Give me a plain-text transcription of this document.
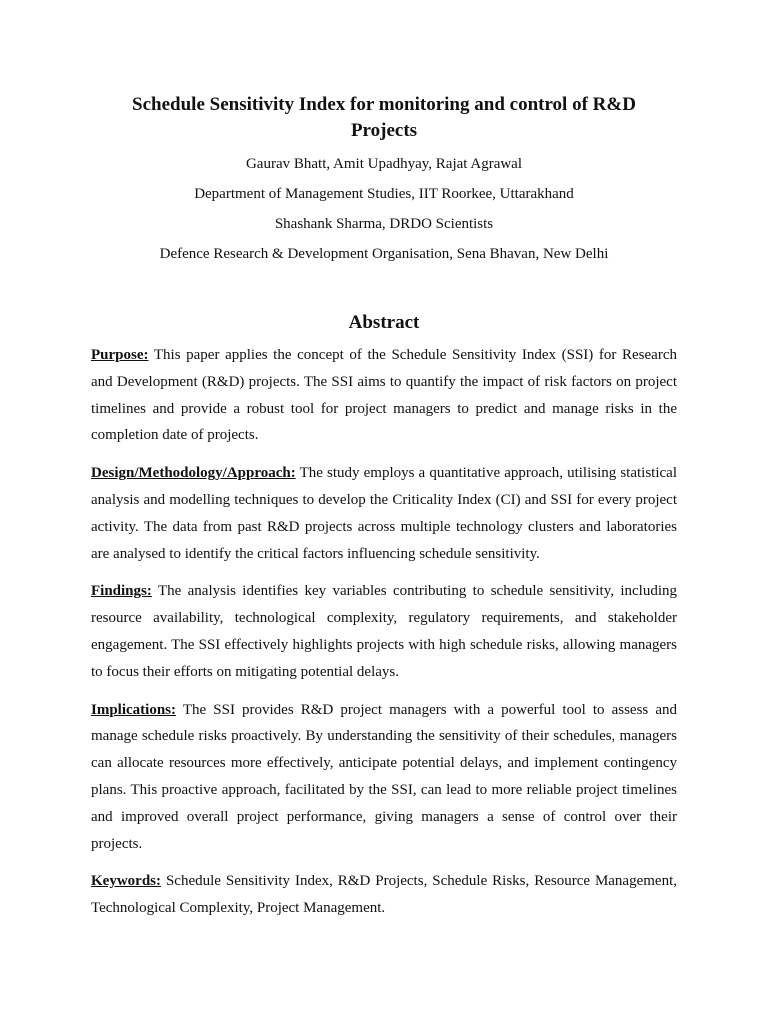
Schedule Sensitivity Index for monitoring and control of R&D Projects

Gaurav Bhatt, Amit Upadhyay, Rajat Agrawal

Department of Management Studies, IIT Roorkee, Uttarakhand

Shashank Sharma, DRDO Scientists

Defence Research & Development Organisation, Sena Bhavan, New Delhi

Abstract

Purpose: This paper applies the concept of the Schedule Sensitivity Index (SSI) for Research and Development (R&D) projects. The SSI aims to quantify the impact of risk factors on project timelines and provide a robust tool for project managers to predict and manage risks in the completion date of projects.

Design/Methodology/Approach: The study employs a quantitative approach, utilising statistical analysis and modelling techniques to develop the Criticality Index (CI) and SSI for every project activity. The data from past R&D projects across multiple technology clusters and laboratories are analysed to identify the critical factors influencing schedule sensitivity.

Findings: The analysis identifies key variables contributing to schedule sensitivity, including resource availability, technological complexity, regulatory requirements, and stakeholder engagement. The SSI effectively highlights projects with high schedule risks, allowing managers to focus their efforts on mitigating potential delays.

Implications: The SSI provides R&D project managers with a powerful tool to assess and manage schedule risks proactively. By understanding the sensitivity of their schedules, managers can allocate resources more effectively, anticipate potential delays, and implement contingency plans. This proactive approach, facilitated by the SSI, can lead to more reliable project timelines and improved overall project performance, giving managers a sense of control over their projects.

Keywords: Schedule Sensitivity Index, R&D Projects, Schedule Risks, Resource Management, Technological Complexity, Project Management.
